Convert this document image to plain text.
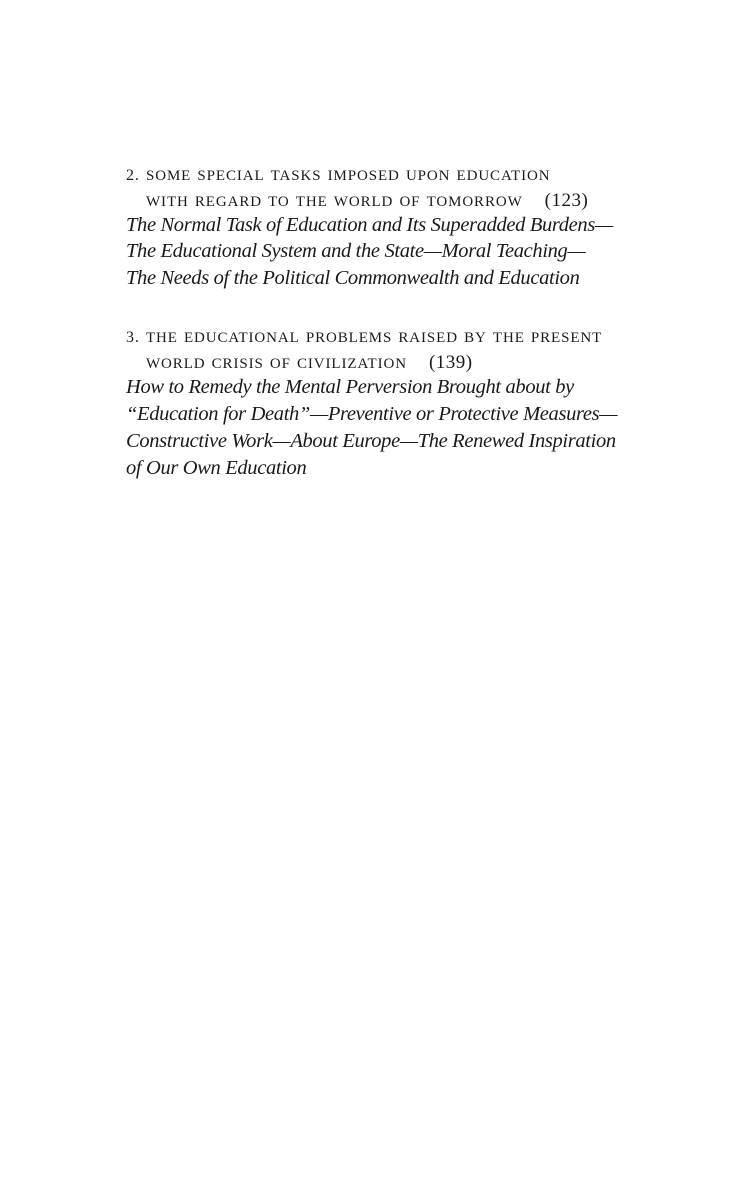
2. some special tasks imposed upon education
with regard to the world of tomorrow (123)
The Normal Task of Education and Its Superadded Burdens—
The Educational System and the State—Moral Teaching—
The Needs of the Political Commonwealth and Education
3. the educational problems raised by the present
world crisis of civilization (139)
How to Remedy the Mental Perversion Brought about by
“Education for Death”—Preventive or Protective Measures—
Constructive Work—About Europe—The Renewed Inspiration
of Our Own Education
